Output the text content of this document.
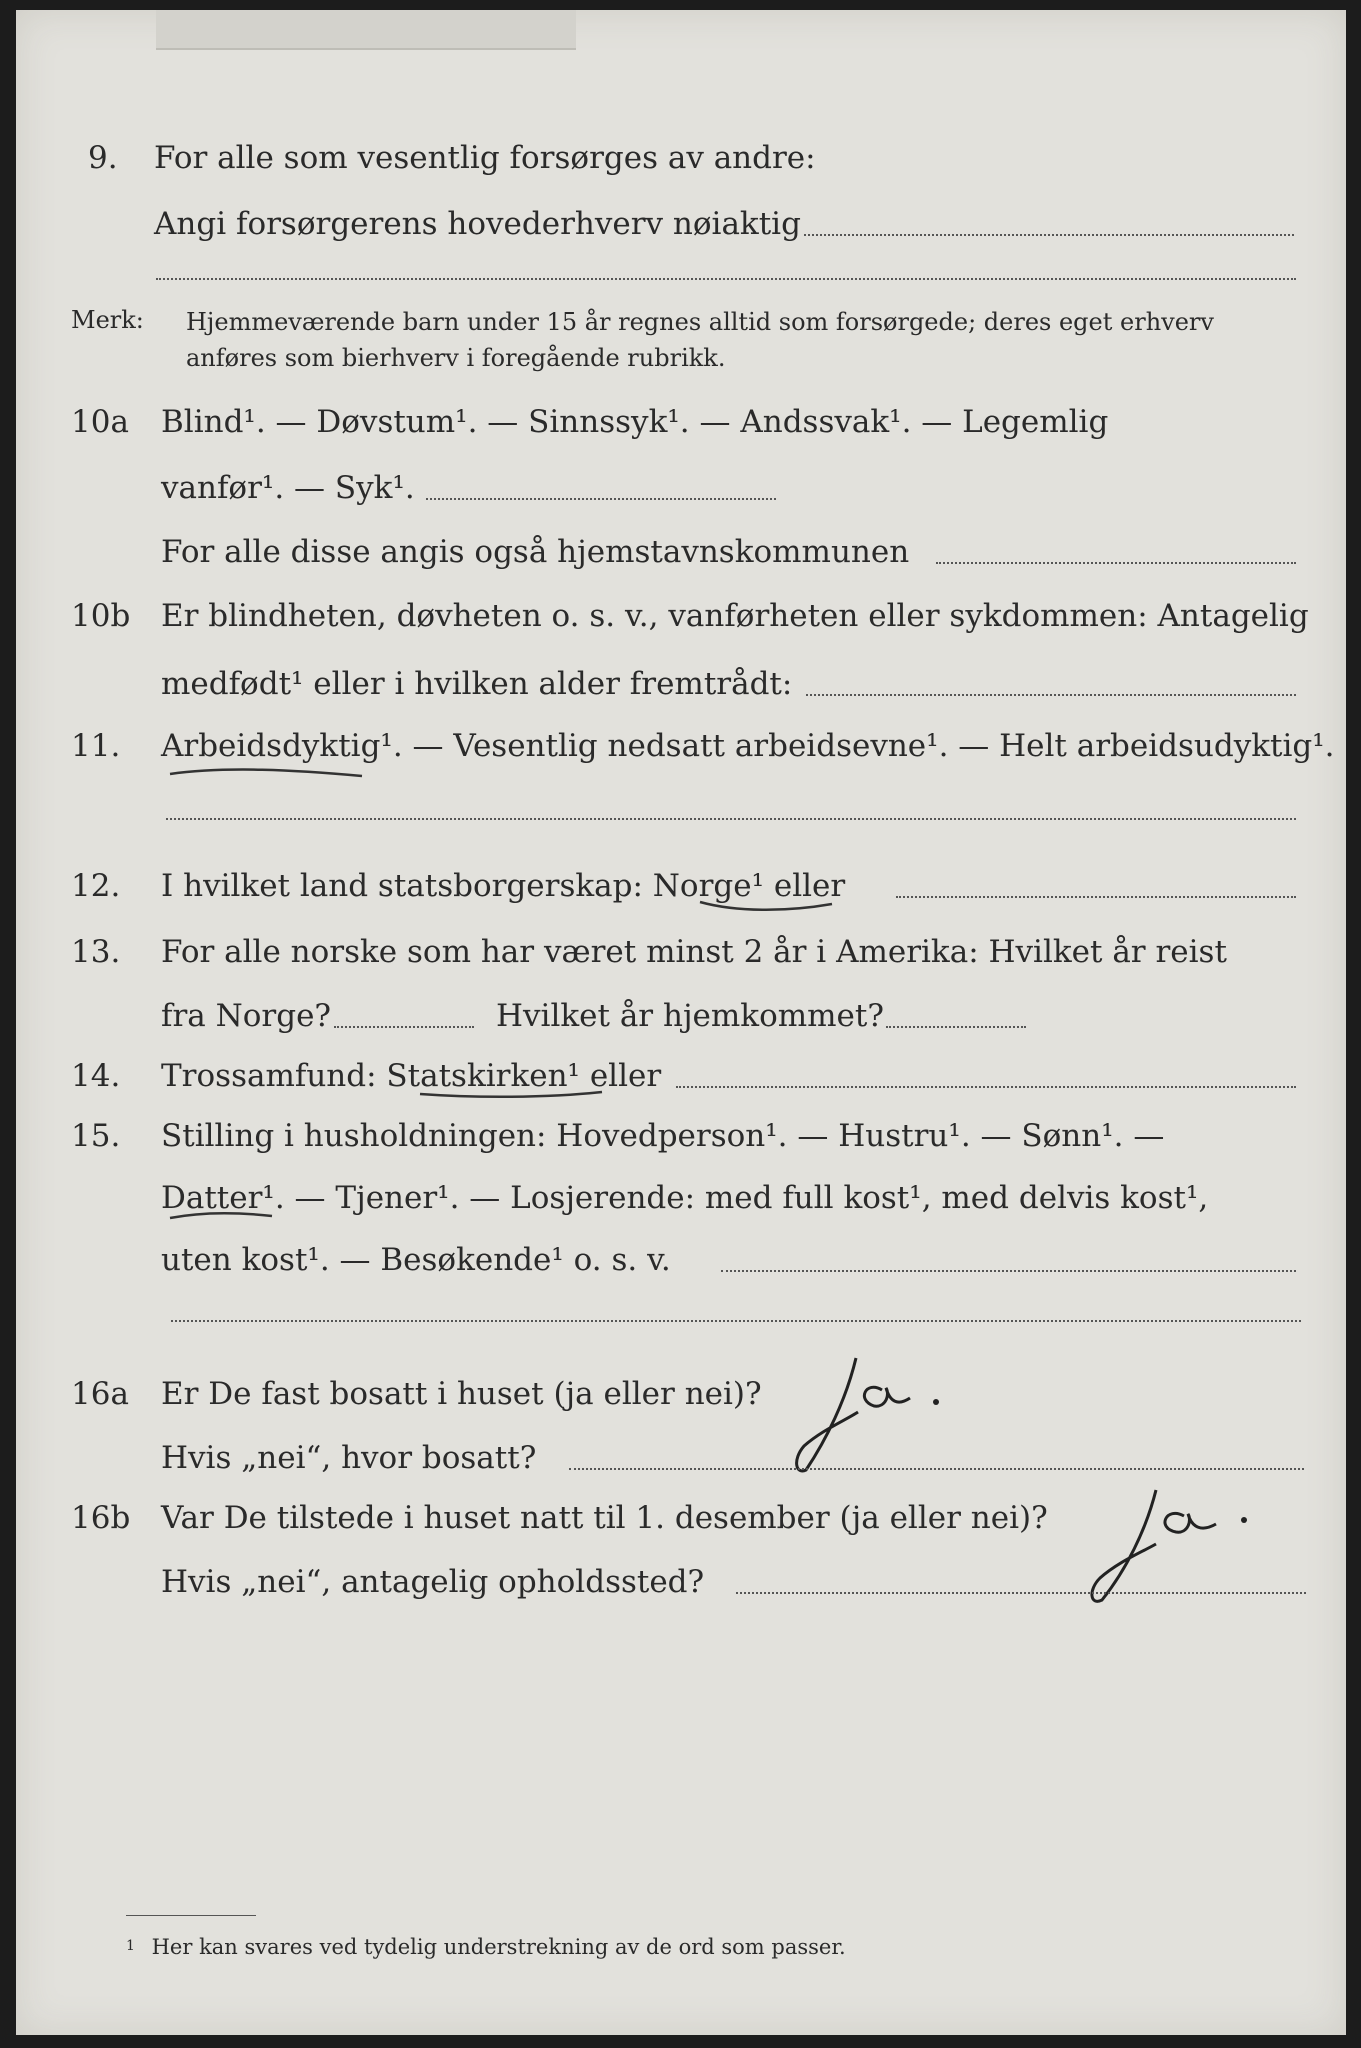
9. For alle som vesentlig forsørges av andre:
Angi forsørgerens hovederhverv nøiaktig
Merk: Hjemmeværende barn under 15 år regnes alltid som forsørgede; deres eget erhverv
anføres som bierhverv i foregående rubrikk.
10a Blind¹. — Døvstum¹. — Sinnssyk¹. — Andssvak¹. — Legemlig
vanfør¹. — Syk¹.
For alle disse angis også hjemstavnskommunen
10b Er blindheten, døvheten o. s. v., vanførheten eller sykdommen: Antagelig
medfødt¹ eller i hvilken alder fremtrådt:
11. Arbeidsdyktig¹. — Vesentlig nedsatt arbeidsevne¹. — Helt arbeidsudyktig¹.
12. I hvilket land statsborgerskap: Norge¹ eller
13. For alle norske som har været minst 2 år i Amerika: Hvilket år reist
fra Norge?	Hvilket år hjemkommet?
14. Trossamfund: Statskirken¹ eller
15. Stilling i husholdningen: Hovedperson¹. — Hustru¹. — Sønn¹. —
Datter¹. — Tjener¹. — Losjerende: med full kost¹, med delvis kost¹,
uten kost¹. — Besøkende¹ o. s. v.
16a Er De fast bosatt i huset (ja eller nei)?
Hvis „nei“, hvor bosatt?
16b Var De tilstede i huset natt til 1. desember (ja eller nei)?
Hvis „nei“, antagelig opholdssted?
1 Her kan svares ved tydelig understrekning av de ord som passer.
